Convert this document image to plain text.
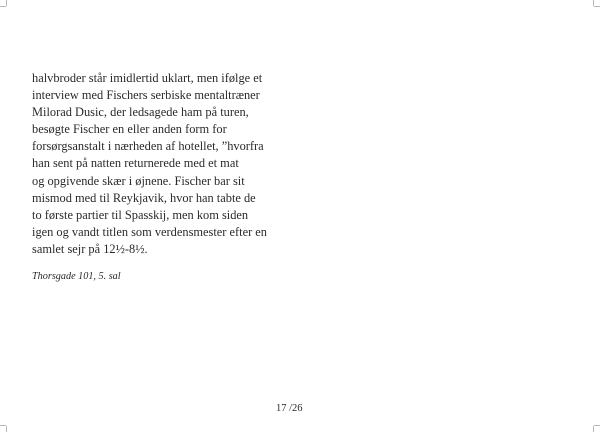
halvbroder står imidlertid uklart, men ifølge et
interview med Fischers serbiske mentaltræner
Milorad Dusic, der ledsagede ham på turen,
besøgte Fischer en eller anden form for
forsørgsanstalt i nærheden af hotellet, ”hvorfra
han sent på natten returnerede med et mat
og opgivende skær i øjnene. Fischer bar sit
mismod med til Reykjavik, hvor han tabte de
to første partier til Spasskij, men kom siden
igen og vandt titlen som verdensmester efter en
samlet sejr på 12½-8½.

Thorsgade 101, 5. sal

17 /26
